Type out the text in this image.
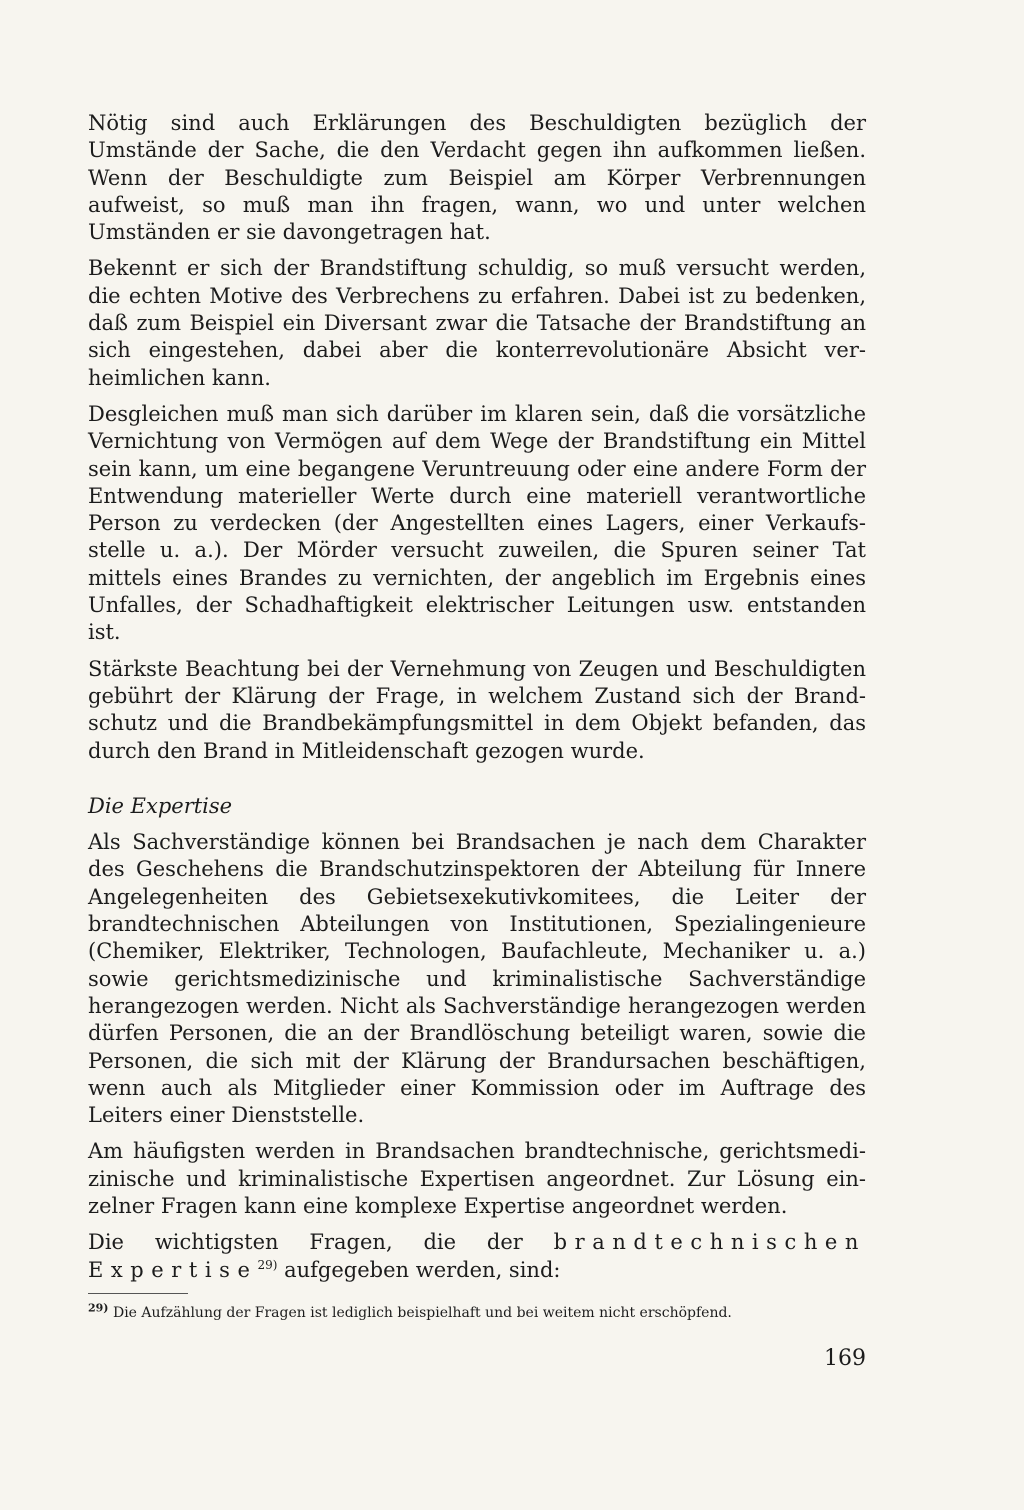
Nötig sind auch Erklärungen des Beschuldigten bezüglich der Umstände der Sache, die den Verdacht gegen ihn aufkommen ließen. Wenn der Beschuldigte zum Beispiel am Körper Verbrennungen aufweist, so muß man ihn fragen, wann, wo und unter welchen Umständen er sie davongetragen hat.

Bekennt er sich der Brandstiftung schuldig, so muß versucht werden, die echten Motive des Verbrechens zu erfahren. Dabei ist zu bedenken, daß zum Beispiel ein Diversant zwar die Tatsache der Brandstiftung an sich eingestehen, dabei aber die konterrevolutionäre Absicht verheimlichen kann.

Desgleichen muß man sich darüber im klaren sein, daß die vorsätzliche Vernichtung von Vermögen auf dem Wege der Brandstiftung ein Mittel sein kann, um eine begangene Veruntreuung oder eine andere Form der Entwendung materieller Werte durch eine materiell verantwortliche Person zu verdecken (der Angestellten eines Lagers, einer Verkaufsstelle u. a.). Der Mörder versucht zuweilen, die Spuren seiner Tat mittels eines Brandes zu vernichten, der angeblich im Ergebnis eines Unfalles, der Schadhaftigkeit elektrischer Leitungen usw. entstanden ist.

Stärkste Beachtung bei der Vernehmung von Zeugen und Beschuldigten gebührt der Klärung der Frage, in welchem Zustand sich der Brandschutz und die Brandbekämpfungsmittel in dem Objekt befanden, das durch den Brand in Mitleidenschaft gezogen wurde.

Die Expertise

Als Sachverständige können bei Brandsachen je nach dem Charakter des Geschehens die Brandschutzinspektoren der Abteilung für Innere Angelegenheiten des Gebietsexekutivkomitees, die Leiter der brandtechnischen Abteilungen von Institutionen, Spezialingenieure (Chemiker, Elektriker, Technologen, Baufachleute, Mechaniker u. a.) sowie gerichtsmedizinische und kriminalistische Sachverständige herangezogen werden. Nicht als Sachverständige herangezogen werden dürfen Personen, die an der Brandlöschung beteiligt waren, sowie die Personen, die sich mit der Klärung der Brandursachen beschäftigen, wenn auch als Mitglieder einer Kommission oder im Auftrage des Leiters einer Dienststelle.

Am häufigsten werden in Brandsachen brandtechnische, gerichtsmedizinische und kriminalistische Expertisen angeordnet. Zur Lösung einzelner Fragen kann eine komplexe Expertise angeordnet werden.

Die wichtigsten Fragen, die der brandtechnischen Expertise$^{29)}$ aufgegeben werden, sind:

$^{29)}$ Die Aufzählung der Fragen ist lediglich beispielhaft und bei weitem nicht erschöpfend.
169
